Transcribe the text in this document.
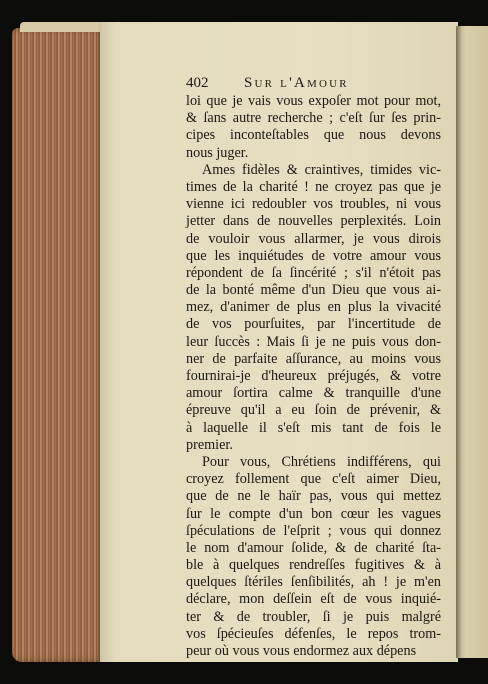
402 Sur l'Amour
loi que je vais vous expoſer mot pour mot,
& ſans autre recherche ; c'eſt ſur ſes prin-
cipes inconteſtables que nous devons
nous juger.
Ames fidèles & craintives, timides vic-
times de la charité ! ne croyez pas que je
vienne ici redoubler vos troubles, ni vous
jetter dans de nouvelles perplexités. Loin
de vouloir vous allarmer, je vous dirois
que les inquiétudes de votre amour vous
répondent de ſa ſincérité ; s'il n'étoit pas
de la bonté même d'un Dieu que vous ai-
mez, d'animer de plus en plus la vivacité
de vos pourſuites, par l'incertitude de
leur ſuccès : Mais ſi je ne puis vous don-
ner de parfaite aſſurance, au moins vous
fournirai-je d'heureux préjugés, & votre
amour ſortira calme & tranquille d'une
épreuve qu'il a eu ſoin de prévenir, &
à laquelle il s'eſt mis tant de fois le
premier.
Pour vous, Chrétiens indifférens, qui
croyez follement que c'eſt aimer Dieu,
que de ne le haïr pas, vous qui mettez
ſur le compte d'un bon cœur les vagues
ſpéculations de l'eſprit ; vous qui donnez
le nom d'amour ſolide, & de charité ſta-
ble à quelques rendreſſes fugitives & à
quelques ſtériles ſenſibilités, ah ! je m'en
déclare, mon deſſein eſt de vous inquié-
ter & de troubler, ſi je puis malgré
vos ſpécieuſes défenſes, le repos trom-
peur où vous vous endormez aux dépens
